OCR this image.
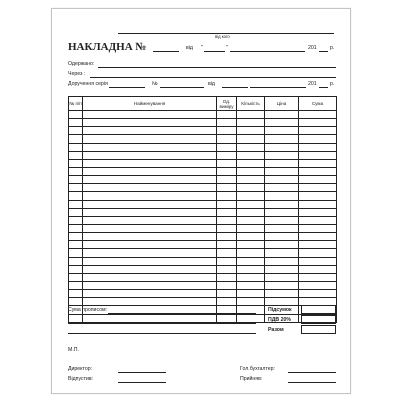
від кого
НАКЛАДНА №	від "	"	201	р.
Одержано:
Через :
Доручення серія	№	від	201	р.
№ п/п	Найменування	Од. виміру	Кількість	Ціна	Сума

Сума прописом:	Підсумок
ПДВ 20%
Разом
М.П.
Директор:
Відпустив:
Гол.бухгалтер:
Прийняв:
